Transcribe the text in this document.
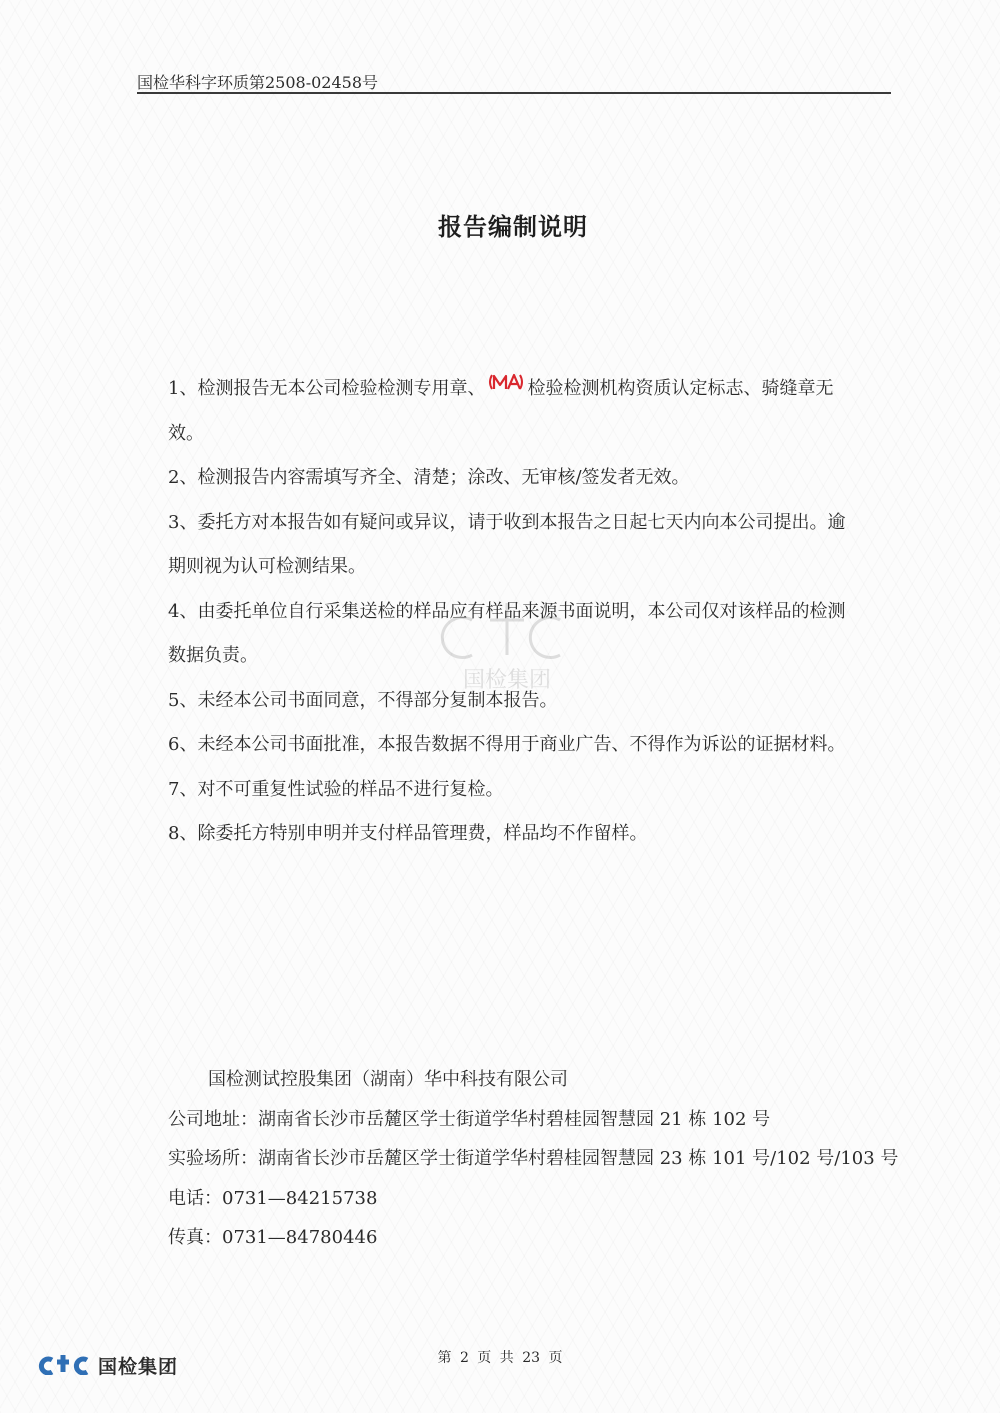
国检华科字环质第2508-02458号
报告编制说明

1、检测报告无本公司检验检测专用章、 检验检测机构资质认定标志、骑缝章无效。

2、检测报告内容需填写齐全、清楚；涂改、无审核/签发者无效。

3、委托方对本报告如有疑问或异议，请于收到本报告之日起七天内向本公司提出。逾期则视为认可检测结果。

4、由委托单位自行采集送检的样品应有样品来源书面说明，本公司仅对该样品的检测数据负责。

5、未经本公司书面同意，不得部分复制本报告。

6、未经本公司书面批准，本报告数据不得用于商业广告、不得作为诉讼的证据材料。

7、对不可重复性试验的样品不进行复检。

8、除委托方特别申明并支付样品管理费，样品均不作留样。

国检集团
国检测试控股集团（湖南）华中科技有限公司
公司地址：湖南省长沙市岳麓区学士街道学华村碧桂园智慧园 21 栋 102 号
实验场所：湖南省长沙市岳麓区学士街道学华村碧桂园智慧园 23 栋 101 号/102 号/103 号
电话：0731—84215738
传真：0731—84780446
国检集团	第 2 页 共 23 页
